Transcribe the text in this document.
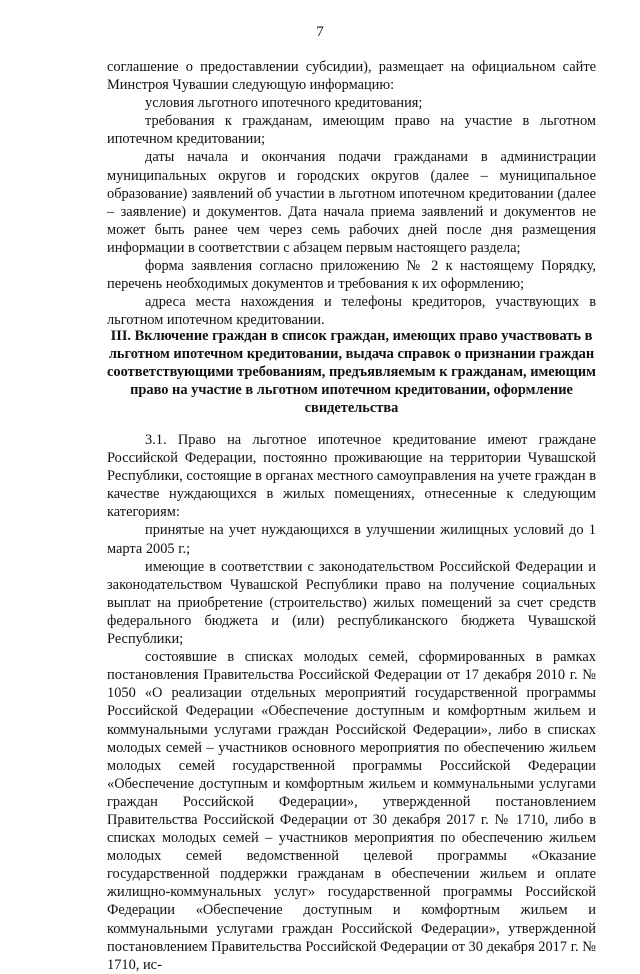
7

соглашение о предоставлении субсидии), размещает на официальном сайте Минстроя Чувашии следующую информацию:

условия льготного ипотечного кредитования;

требования к гражданам, имеющим право на участие в льготном ипотечном кредитовании;

даты начала и окончания подачи гражданами в администрации муниципальных округов и городских округов (далее – муниципальное образование) заявлений об участии в льготном ипотечном кредитовании (далее – заявление) и документов. Дата начала приема заявлений и документов не может быть ранее чем через семь рабочих дней после дня размещения информации в соответствии с абзацем первым настоящего раздела;

форма заявления согласно приложению № 2 к настоящему Порядку, перечень необходимых документов и требования к их оформлению;

адреса места нахождения и телефоны кредиторов, участвующих в льготном ипотечном кредитовании.

III. Включение граждан в список граждан, имеющих право участвовать в льготном ипотечном кредитовании, выдача справок о признании граждан соответствующими требованиям, предъявляемым к гражданам, имеющим право на участие в льготном ипотечном кредитовании, оформление свидетельства

3.1. Право на льготное ипотечное кредитование имеют граждане Российской Федерации, постоянно проживающие на территории Чувашской Республики, состоящие в органах местного самоуправления на учете граждан в качестве нуждающихся в жилых помещениях, отнесенные к следующим категориям:

принятые на учет нуждающихся в улучшении жилищных условий до 1 марта 2005 г.;

имеющие в соответствии с законодательством Российской Федерации и законодательством Чувашской Республики право на получение социальных выплат на приобретение (строительство) жилых помещений за счет средств федерального бюджета и (или) республиканского бюджета Чувашской Республики;

состоявшие в списках молодых семей, сформированных в рамках постановления Правительства Российской Федерации от 17 декабря 2010 г. № 1050 «О реализации отдельных мероприятий государственной программы Российской Федерации «Обеспечение доступным и комфортным жильем и коммунальными услугами граждан Российской Федерации», либо в списках молодых семей – участников основного мероприятия по обеспечению жильем молодых семей государственной программы Российской Федерации «Обеспечение доступным и комфортным жильем и коммунальными услугами граждан Российской Федерации», утвержденной постановлением Правительства Российской Федерации от 30 декабря 2017 г. № 1710, либо в списках молодых семей – участников мероприятия по обеспечению жильем молодых семей ведомственной целевой программы «Оказание государственной поддержки гражданам в обеспечении жильем и оплате жилищно-коммунальных услуг» государственной программы Российской Федерации «Обеспечение доступным и комфортным жильем и коммунальными услугами граждан Российской Федерации», утвержденной постановлением Правительства Российской Федерации от 30 декабря 2017 г. № 1710, ис-
